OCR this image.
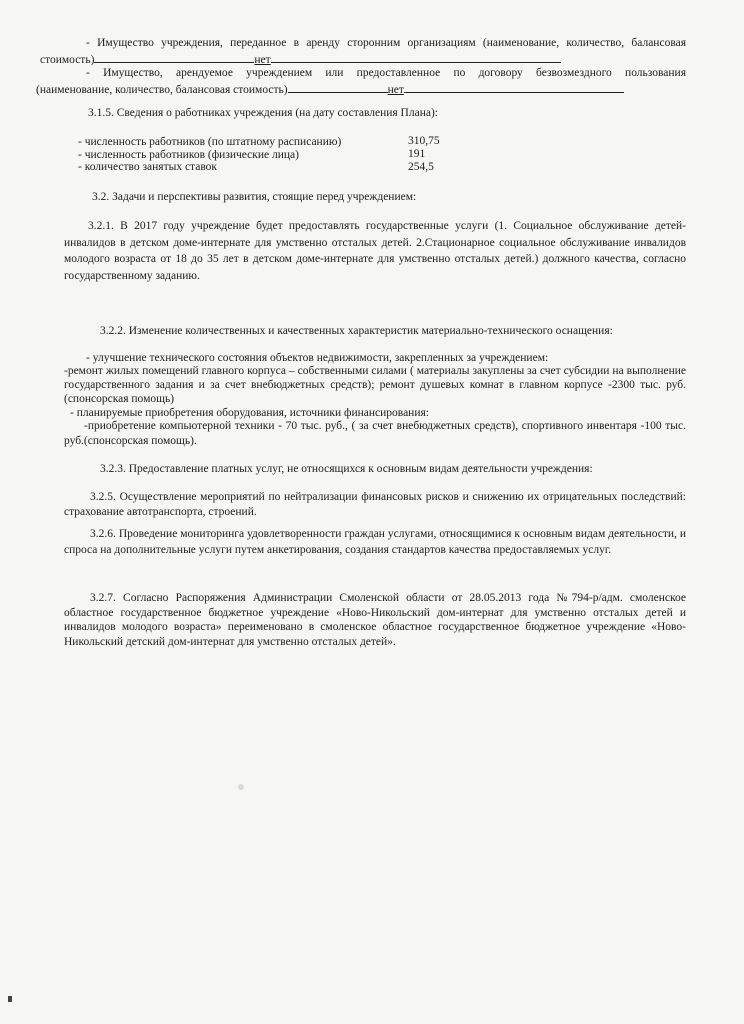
- Имущество учреждения, переданное в аренду сторонним организациям (наименование, количество, балансовая
стоимость)	нет
- Имущество, арендуемое учреждением или предоставленное по договору безвозмездного пользования
(наименование, количество, балансовая стоимость)	нет
3.1.5. Сведения о работниках учреждения (на дату составления Плана):
- численность работников (по штатному расписанию)	310,75
- численность работников (физические лица)	191
- количество занятых ставок	254,5
3.2. Задачи и перспективы развития, стоящие перед учреждением:
3.2.1. В 2017 году учреждение будет предоставлять государственные услуги (1. Социальное обслуживание детей-инвалидов в детском доме-интернате для умственно отсталых детей. 2.Стационарное социальное обслуживание инвалидов молодого возраста от 18 до 35 лет в детском доме-интернате для умственно отсталых детей.) должного качества, согласно государственному заданию.
3.2.2. Изменение количественных и качественных характеристик материально-технического оснащения:
- улучшение технического состояния объектов недвижимости, закрепленных за учреждением:
-ремонт жилых помещений главного корпуса – собственными силами ( материалы закуплены за счет субсидии на выполнение государственного задания и за счет внебюджетных средств); ремонт душевых комнат в главном корпусе -2300 тыс. руб. (спонсорская помощь)
- планируемые приобретения оборудования, источники финансирования:
-приобретение компьютерной техники - 70 тыс. руб., ( за счет внебюджетных средств), спортивного инвентаря -100 тыс. руб.(спонсорская помощь).
3.2.3. Предоставление платных услуг, не относящихся к основным видам деятельности учреждения:
3.2.5. Осуществление мероприятий по нейтрализации финансовых рисков и снижению их отрицательных последствий: страхование автотранспорта, строений.
3.2.6. Проведение мониторинга удовлетворенности граждан услугами, относящимися к основным видам деятельности, и спроса на дополнительные услуги путем анкетирования, создания стандартов качества предоставляемых услуг.
3.2.7. Согласно Распоряжения Администрации Смоленской области от 28.05.2013 года №794-р/адм. смоленское областное государственное бюджетное учреждение «Ново-Никольский дом-интернат для умственно отсталых детей и инвалидов молодого возраста» переименовано в смоленское областное государственное бюджетное учреждение «Ново-Никольский детский дом-интернат для умственно отсталых детей».
